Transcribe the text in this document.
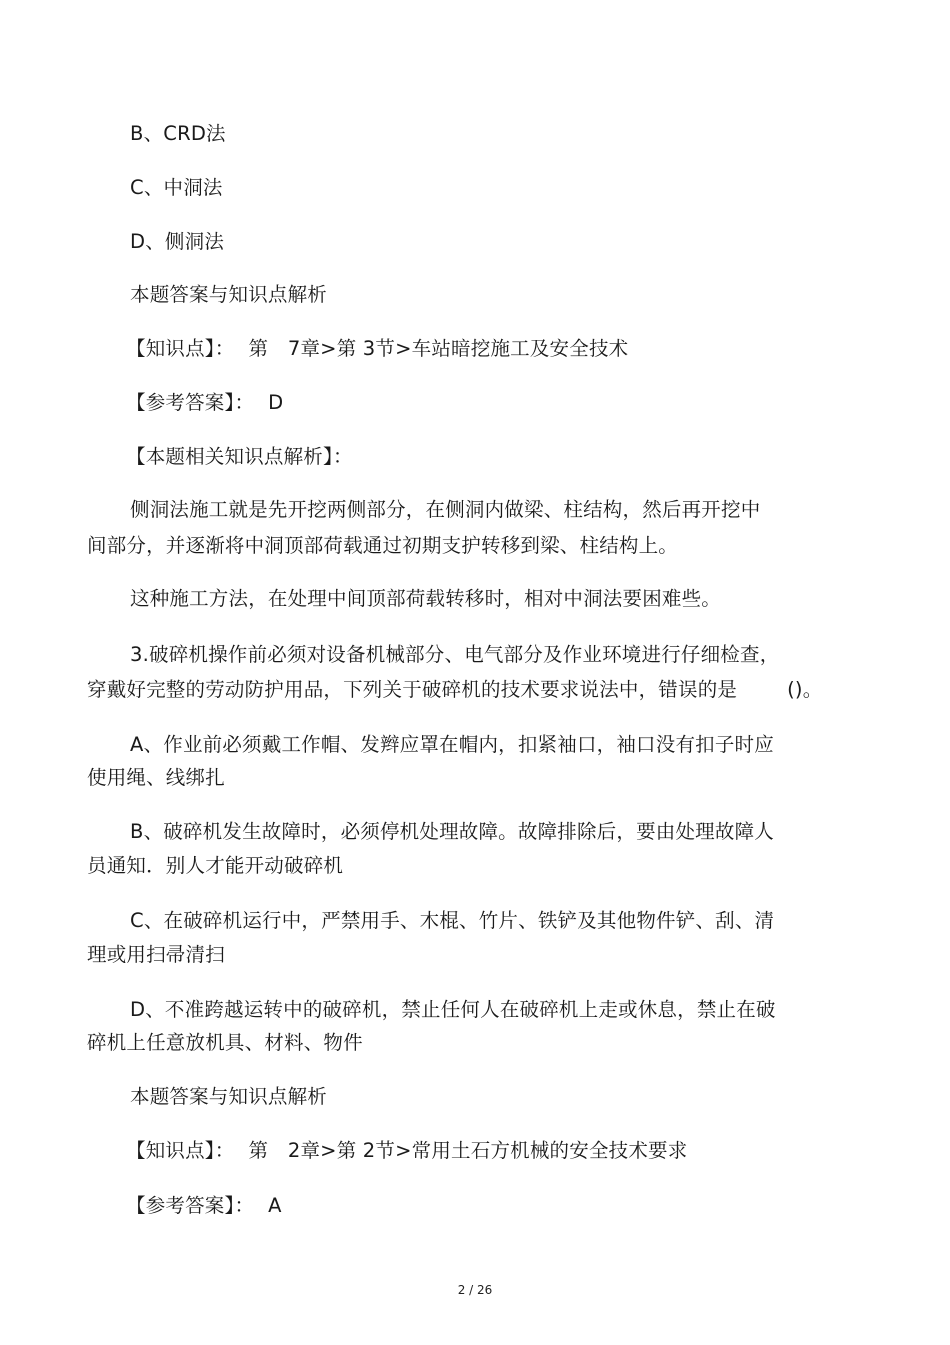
B、CRD法
C、中洞法
D、侧洞法
本题答案与知识点解析
【知识点】： 第　7章>第 3节>车站暗挖施工及安全技术
【参考答案】： D
【本题相关知识点解析】：
侧洞法施工就是先开挖两侧部分，在侧洞内做梁、柱结构，然后再开挖中
间部分，并逐渐将中洞顶部荷载通过初期支护转移到梁、柱结构上。
这种施工方法，在处理中间顶部荷载转移时，相对中洞法要困难些。
3.破碎机操作前必须对设备机械部分、电气部分及作业环境进行仔细检查，
穿戴好完整的劳动防护用品，下列关于破碎机的技术要求说法中，错误的是	()。
A、作业前必须戴工作帽、发辫应罩在帽内，扣紧袖口，袖口没有扣子时应
使用绳、线绑扎
B、破碎机发生故障时，必须停机处理故障。故障排除后，要由处理故障人
员通知．别人才能开动破碎机
C、在破碎机运行中，严禁用手、木棍、竹片、铁铲及其他物件铲、刮、清
理或用扫帚清扫
D、不准跨越运转中的破碎机，禁止任何人在破碎机上走或休息，禁止在破
碎机上任意放机具、材料、物件
本题答案与知识点解析
【知识点】： 第　2章>第 2节>常用土石方机械的安全技术要求
【参考答案】： A
2 / 26
